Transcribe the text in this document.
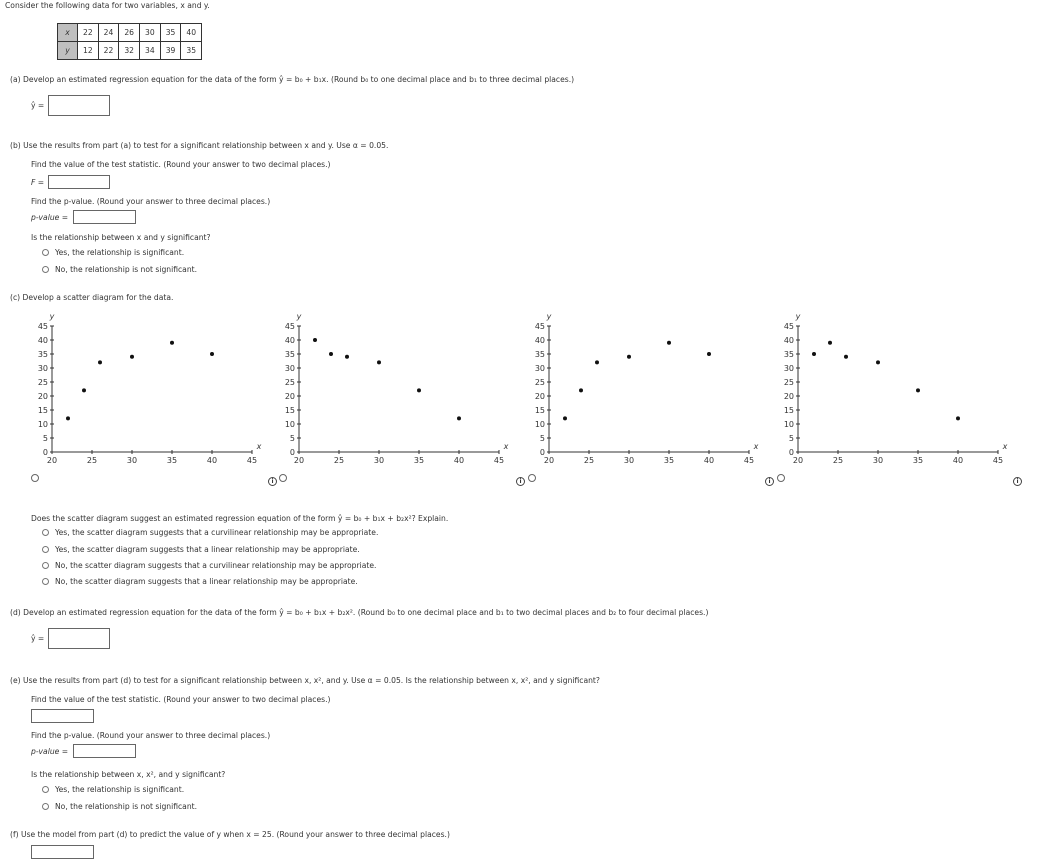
Consider the following data for two variables, x and y.
x	22	24	26	30	35	40
y	12	22	32	34	39	35
(a) Develop an estimated regression equation for the data of the form ŷ = b₀ + b₁x. (Round b₀ to one decimal place and b₁ to three decimal places.)
ŷ =
(b) Use the results from part (a) to test for a significant relationship between x and y. Use α = 0.05.
Find the value of the test statistic. (Round your answer to two decimal places.)
F =
Find the p-value. (Round your answer to three decimal places.)
p-value =
Is the relationship between x and y significant?
Yes, the relationship is significant.
No, the relationship is not significant.
(c) Develop a scatter diagram for the data.
0
5
10
15
20
25
30
35
40
45
20	25	30	35	40	45
y
x
0
5
10
15
20
25
30
35
40
45
20	25	30	35	40	45
y
x
0
5
10
15
20
25
30
35
40
45
20	25	30	35	40	45
y
x
0
5
10
15
20
25
30
35
40
45
20	25	30	35	40	45
y
x
i	i	i	i
Does the scatter diagram suggest an estimated regression equation of the form ŷ = b₀ + b₁x + b₂x²? Explain.
Yes, the scatter diagram suggests that a curvilinear relationship may be appropriate.
Yes, the scatter diagram suggests that a linear relationship may be appropriate.
No, the scatter diagram suggests that a curvilinear relationship may be appropriate.
No, the scatter diagram suggests that a linear relationship may be appropriate.
(d) Develop an estimated regression equation for the data of the form ŷ = b₀ + b₁x + b₂x². (Round b₀ to one decimal place and b₁ to two decimal places and b₂ to four decimal places.)
ŷ =
(e) Use the results from part (d) to test for a significant relationship between x, x², and y. Use α = 0.05. Is the relationship between x, x², and y significant?
Find the value of the test statistic. (Round your answer to two decimal places.)
Find the p-value. (Round your answer to three decimal places.)
p-value =
Is the relationship between x, x², and y significant?
Yes, the relationship is significant.
No, the relationship is not significant.
(f) Use the model from part (d) to predict the value of y when x = 25. (Round your answer to three decimal places.)
